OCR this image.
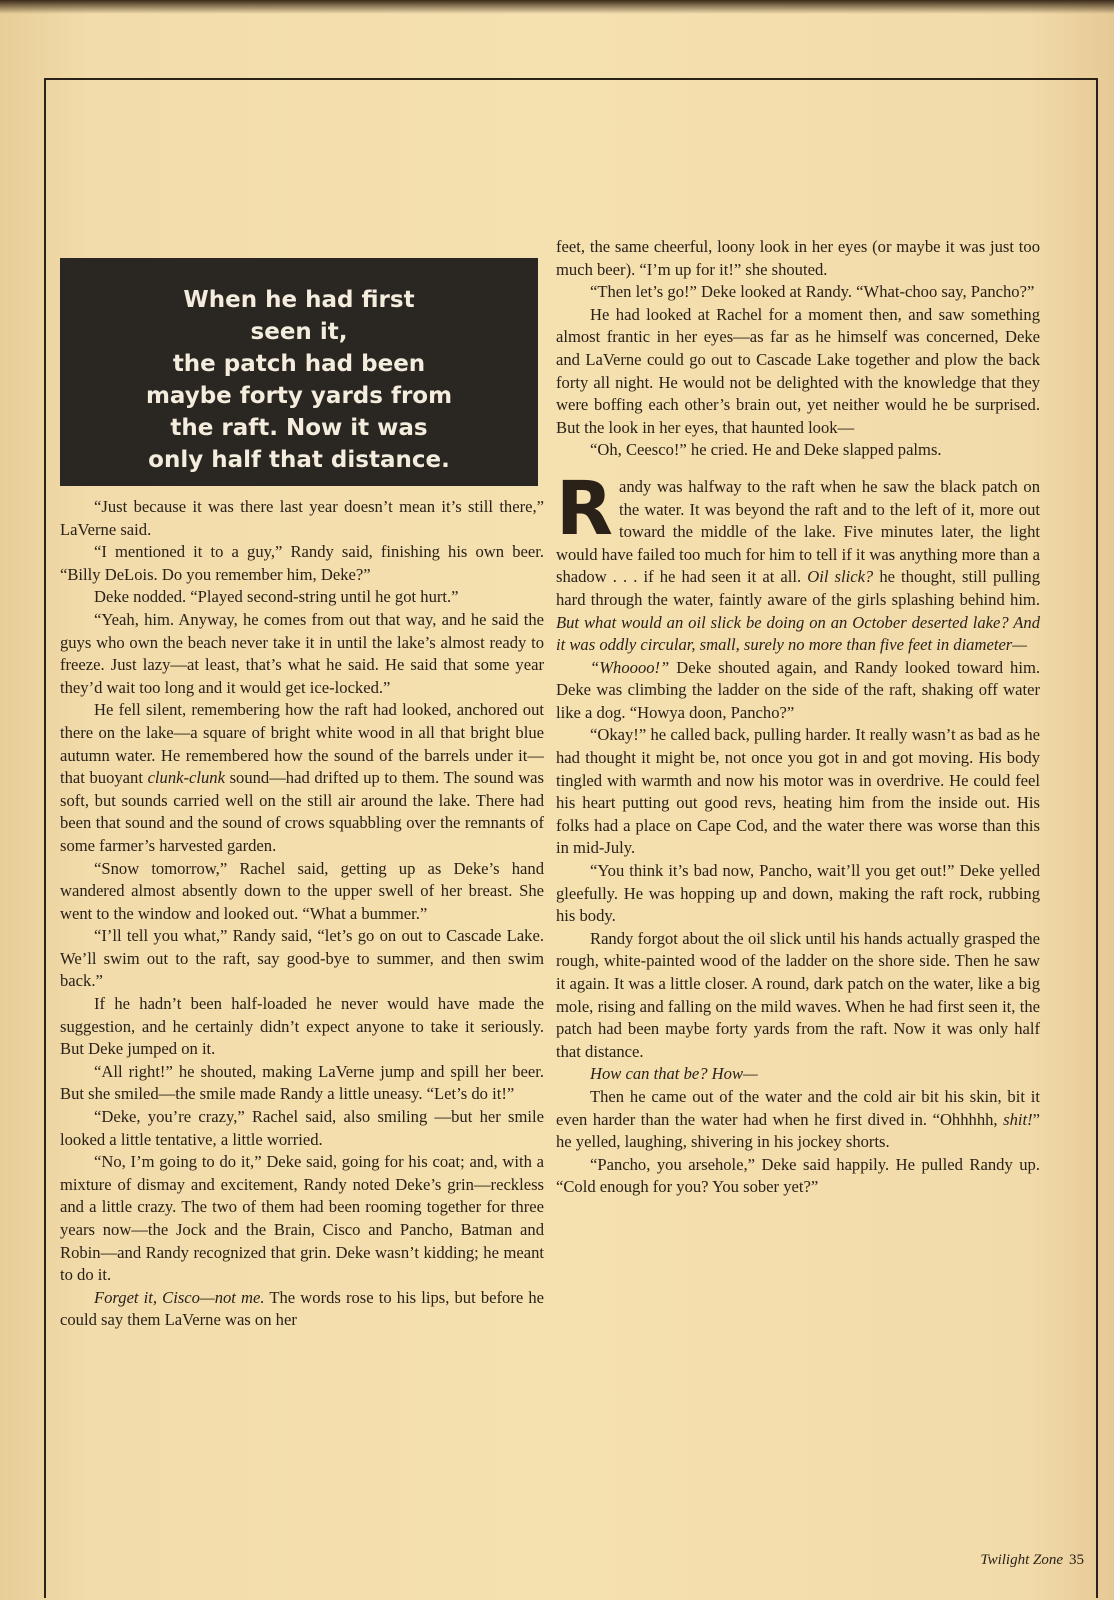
When he had first
seen it,
the patch had been
maybe forty yards from
the raft. Now it was
only half that distance.

“Just because it was there last year doesn’t mean it’s still there,” LaVerne said.

“I mentioned it to a guy,” Randy said, finishing his own beer. “Billy DeLois. Do you remember him, Deke?”

Deke nodded. “Played second-string until he got hurt.”

“Yeah, him. Anyway, he comes from out that way, and he said the guys who own the beach never take it in until the lake’s almost ready to freeze. Just lazy—at least, that’s what he said. He said that some year they’d wait too long and it would get ice-locked.”

He fell silent, remembering how the raft had looked, anchored out there on the lake—a square of bright white wood in all that bright blue autumn water. He remembered how the sound of the barrels under it—that buoyant clunk-clunk sound—had drifted up to them. The sound was soft, but sounds carried well on the still air around the lake. There had been that sound and the sound of crows squabbling over the remnants of some farmer’s harvested garden.

“Snow tomorrow,” Rachel said, getting up as Deke’s hand wandered almost absently down to the upper swell of her breast. She went to the window and looked out. “What a bummer.”

“I’ll tell you what,” Randy said, “let’s go on out to Cascade Lake. We’ll swim out to the raft, say good-bye to summer, and then swim back.”

If he hadn’t been half-loaded he never would have made the suggestion, and he certainly didn’t expect anyone to take it seriously. But Deke jumped on it.

“All right!” he shouted, making LaVerne jump and spill her beer. But she smiled—the smile made Randy a little uneasy. “Let’s do it!”

“Deke, you’re crazy,” Rachel said, also smiling —but her smile looked a little tentative, a little worried.

“No, I’m going to do it,” Deke said, going for his coat; and, with a mixture of dismay and excitement, Randy noted Deke’s grin—reckless and a little crazy. The two of them had been rooming together for three years now—the Jock and the Brain, Cisco and Pancho, Batman and Robin—and Randy recognized that grin. Deke wasn’t kidding; he meant to do it.

Forget it, Cisco—not me. The words rose to his lips, but before he could say them LaVerne was on her

feet, the same cheerful, loony look in her eyes (or maybe it was just too much beer). “I’m up for it!” she shouted.

“Then let’s go!” Deke looked at Randy. “What-choo say, Pancho?”

He had looked at Rachel for a moment then, and saw something almost frantic in her eyes—as far as he himself was concerned, Deke and LaVerne could go out to Cascade Lake together and plow the back forty all night. He would not be delighted with the knowledge that they were boffing each other’s brain out, yet neither would he be surprised. But the look in her eyes, that haunted look—

“Oh, Ceesco!” he cried. He and Deke slapped palms.

Randy was halfway to the raft when he saw the black patch on the water. It was beyond the raft and to the left of it, more out toward the middle of the lake. Five minutes later, the light would have failed too much for him to tell if it was anything more than a shadow . . . if he had seen it at all. Oil slick? he thought, still pulling hard through the water, faintly aware of the girls splashing behind him. But what would an oil slick be doing on an October deserted lake? And it was oddly circular, small, surely no more than five feet in diameter—

“Whoooo!” Deke shouted again, and Randy looked toward him. Deke was climbing the ladder on the side of the raft, shaking off water like a dog. “Howya doon, Pancho?”

“Okay!” he called back, pulling harder. It really wasn’t as bad as he had thought it might be, not once you got in and got moving. His body tingled with warmth and now his motor was in overdrive. He could feel his heart putting out good revs, heating him from the inside out. His folks had a place on Cape Cod, and the water there was worse than this in mid-July.

“You think it’s bad now, Pancho, wait’ll you get out!” Deke yelled gleefully. He was hopping up and down, making the raft rock, rubbing his body.

Randy forgot about the oil slick until his hands actually grasped the rough, white-painted wood of the ladder on the shore side. Then he saw it again. It was a little closer. A round, dark patch on the water, like a big mole, rising and falling on the mild waves. When he had first seen it, the patch had been maybe forty yards from the raft. Now it was only half that distance.

How can that be? How—

Then he came out of the water and the cold air bit his skin, bit it even harder than the water had when he first dived in. “Ohhhhh, shit!” he yelled, laughing, shivering in his jockey shorts.

“Pancho, you arsehole,” Deke said happily. He pulled Randy up. “Cold enough for you? You sober yet?”

Twilight Zone 35
